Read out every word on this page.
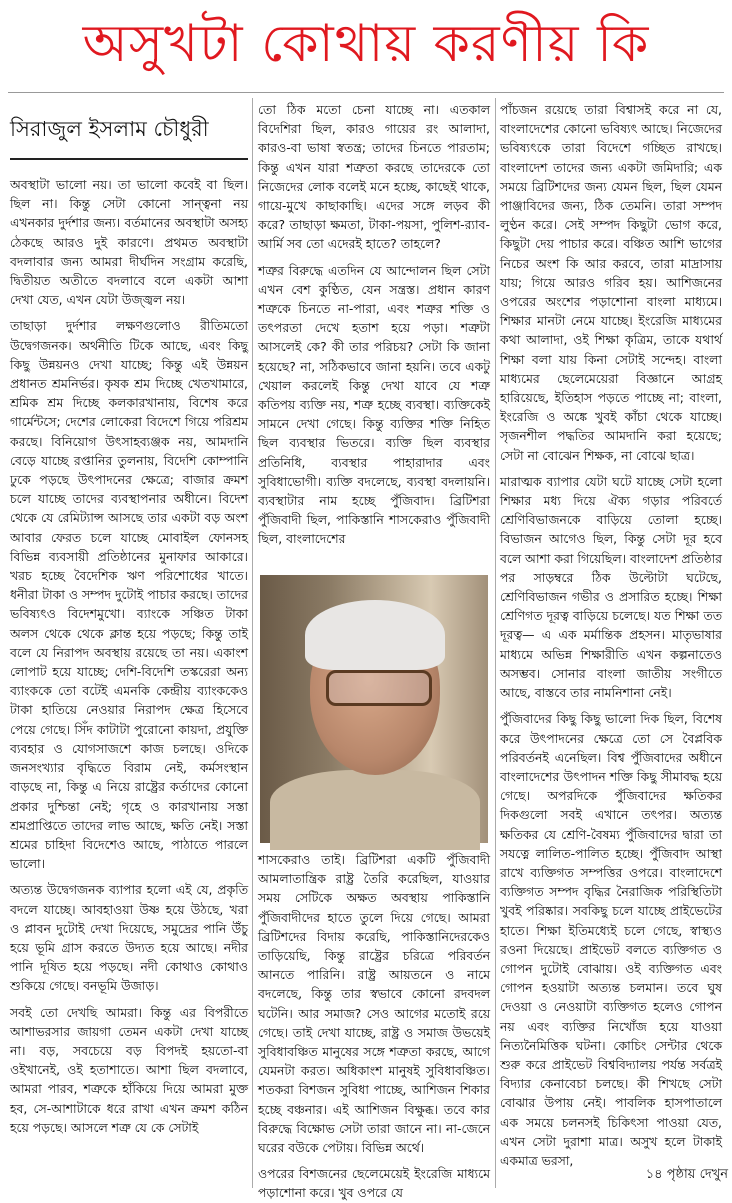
অসুখটা কোথায় করণীয় কি
সিরাজুল ইসলাম চৌধুরী

অবস্থাটা ভালো নয়। তা ভালো কবেই বা ছিল। ছিল না। কিন্তু সেটা কোনো সান্ত্বনা নয় এখনকার দুর্দশার জন্য। বর্তমানের অবস্থাটা অসহ্য ঠেকছে আরও দুই কারণে। প্রথমত অবস্থাটা বদলাবার জন্য আমরা দীর্ঘদিন সংগ্রাম করেছি, দ্বিতীয়ত অতীতে বদলাবে বলে একটা আশা দেখা যেত, এখন যেটা উজ্জ্বল নয়।

তাছাড়া দুর্দশার লক্ষণগুলোও রীতিমতো উদ্বেগজনক। অর্থনীতি টিকে আছে, এবং কিছু কিছু উন্নয়নও দেখা যাচ্ছে; কিন্তু এই উন্নয়ন প্রধানত শ্রমনির্ভর। কৃষক শ্রম দিচ্ছে খেতখামারে, শ্রমিক শ্রম দিচ্ছে কলকারখানায়, বিশেষ করে গার্মেন্টসে; দেশের লোকেরা বিদেশে গিয়ে পরিশ্রম করছে। বিনিয়োগ উৎসাহব্যঞ্জক নয়, আমদানি বেড়ে যাচ্ছে রপ্তানির তুলনায়, বিদেশি কোম্পানি ঢুকে পড়ছে উৎপাদনের ক্ষেত্রে; বাজার ক্রমশ চলে যাচ্ছে তাদের ব্যবস্থাপনার অধীনে। বিদেশ থেকে যে রেমিট্যান্স আসছে তার একটা বড় অংশ আবার ফেরত চলে যাচ্ছে মোবাইল ফোনসহ বিভিন্ন ব্যবসায়ী প্রতিষ্ঠানের মুনাফার আকারে। খরচ হচ্ছে বৈদেশিক ঋণ পরিশোধের খাতে। ধনীরা টাকা ও সম্পদ দুটোই পাচার করছে। তাদের ভবিষ্যৎও বিদেশমুখো। ব্যাংকে সঞ্চিত টাকা অলস থেকে থেকে ক্লান্ত হয়ে পড়ছে; কিন্তু তাই বলে যে নিরাপদ অবস্থায় রয়েছে তা নয়। একাংশ লোপাট হয়ে যাচ্ছে; দেশি-বিদেশি তস্করেরা অন্য ব্যাংককে তো বটেই এমনকি কেন্দ্রীয় ব্যাংককেও টাকা হাতিয়ে নেওয়ার নিরাপদ ক্ষেত্র হিসেবে পেয়ে গেছে। সিঁদ কাটাটা পুরোনো কায়দা, প্রযুক্তি ব্যবহার ও যোগসাজশে কাজ চলছে। ওদিকে জনসংখ্যার বৃদ্ধিতে বিরাম নেই, কর্মসংস্থান বাড়ছে না, কিন্তু এ নিয়ে রাষ্ট্রের কর্তাদের কোনো প্রকার দুশ্চিন্তা নেই; গৃহে ও কারখানায় সস্তা শ্রমপ্রাপ্তিতে তাদের লাভ আছে, ক্ষতি নেই। সস্তা শ্রমের চাহিদা বিদেশেও আছে, পাঠাতে পারলে ভালো।

অত্যন্ত উদ্বেগজনক ব্যাপার হলো এই যে, প্রকৃতি বদলে যাচ্ছে। আবহাওয়া উষ্ণ হয়ে উঠছে, খরা ও প্লাবন দুটোই দেখা দিয়েছে, সমুদ্রের পানি উঁচু হয়ে ভূমি গ্রাস করতে উদ্যত হয়ে আছে। নদীর পানি দূষিত হয়ে পড়ছে। নদী কোথাও কোথাও শুকিয়ে গেছে। বনভূমি উজাড়।

সবই তো দেখছি আমরা। কিন্তু এর বিপরীতে আশাভরসার জায়গা তেমন একটা দেখা যাচ্ছে না। বড়, সবচেয়ে বড় বিপদই হয়তো-বা ওইখানেই, ওই হতাশাতে। আশা ছিল বদলাবে, আমরা পারব, শত্রুকে হাঁকিয়ে দিয়ে আমরা মুক্ত হব, সে-আশাটাকে ধরে রাখা এখন ক্রমশ কঠিন হয়ে পড়ছে। আসলে শত্রু যে কে সেটাই

তো ঠিক মতো চেনা যাচ্ছে না। এতকাল বিদেশিরা ছিল, কারও গায়ের রং আলাদা, কারও-বা ভাষা স্বতন্ত্র; তাদের চিনতে পারতাম; কিন্তু এখন যারা শত্রুতা করছে তাদেরকে তো নিজেদের লোক বলেই মনে হচ্ছে, কাছেই থাকে, গায়ে-মুখে কাছাকাছি। এদের সঙ্গে লড়ব কী করে? তাছাড়া ক্ষমতা, টাকা-পয়সা, পুলিশ-র‍্যাব-আর্মি সব তো এদেরই হাতে? তাহলে?

শত্রুর বিরুদ্ধে এতদিন যে আন্দোলন ছিল সেটা এখন বেশ কুণ্ঠিত, যেন সন্ত্রস্ত। প্রধান কারণ শত্রুকে চিনতে না-পারা, এবং শত্রুর শক্তি ও তৎপরতা দেখে হতাশ হয়ে পড়া। শত্রুটা আসলেই কে? কী তার পরিচয়? সেটা কি জানা হয়েছে? না, সঠিকভাবে জানা হয়নি। তবে একটু খেয়াল করলেই কিন্তু দেখা যাবে যে শত্রু কতিপয় ব্যক্তি নয়, শত্রু হচ্ছে ব্যবস্থা। ব্যক্তিকেই সামনে দেখা গেছে। কিন্তু ব্যক্তির শক্তি নিহিত ছিল ব্যবস্থার ভিতরে। ব্যক্তি ছিল ব্যবস্থার প্রতিনিধি, ব্যবস্থার পাহারাদার এবং সুবিধাভোগী। ব্যক্তি বদলেছে, ব্যবস্থা বদলায়নি। ব্যবস্থাটার নাম হচ্ছে পুঁজিবাদ। ব্রিটিশরা পুঁজিবাদী ছিল, পাকিস্তানি শাসকেরাও পুঁজিবাদী ছিল, বাংলাদেশের

শাসকেরাও তাই। ব্রিটিশরা একটি পুঁজিবাদী আমলাতান্ত্রিক রাষ্ট্র তৈরি করেছিল, যাওয়ার সময় সেটিকে অক্ষত অবস্থায় পাকিস্তানি পুঁজিবাদীদের হাতে তুলে দিয়ে গেছে। আমরা ব্রিটিশদের বিদায় করেছি, পাকিস্তানিদেরকেও তাড়িয়েছি, কিন্তু রাষ্ট্রের চরিত্রে পরিবর্তন আনতে পারিনি। রাষ্ট্র আয়তনে ও নামে বদলেছে, কিন্তু তার স্বভাবে কোনো রদবদল ঘটেনি। আর সমাজ? সেও আগের মতোই রয়ে গেছে। তাই দেখা যাচ্ছে, রাষ্ট্র ও সমাজ উভয়েই সুবিধাবঞ্চিত মানুষের সঙ্গে শত্রুতা করছে, আগে যেমনটা করত। অধিকাংশ মানুষই সুবিধাবঞ্চিত। শতকরা বিশজন সুবিধা পাচ্ছে, আশিজন শিকার হচ্ছে বঞ্চনার। এই আশিজন বিক্ষুব্ধ। তবে কার বিরুদ্ধে বিক্ষোভ সেটা তারা জানে না। না-জেনে ঘরের বউকে পেটায়। বিভিন্ন অর্থে।

ওপরের বিশজনের ছেলেমেয়েই ইংরেজি মাধ্যমে পড়াশোনা করে। খুব ওপরে যে

পাঁচজন রয়েছে তারা বিশ্বাসই করে না যে, বাংলাদেশের কোনো ভবিষ্যৎ আছে। নিজেদের ভবিষ্যৎকে তারা বিদেশে গচ্ছিত রাখছে। বাংলাদেশ তাদের জন্য একটা জমিদারি; এক সময়ে ব্রিটিশদের জন্য যেমন ছিল, ছিল যেমন পাঞ্জাবিদের জন্য, ঠিক তেমনি। তারা সম্পদ লুণ্ঠন করে। সেই সম্পদ কিছুটা ভোগ করে, কিছুটা দেয় পাচার করে। বঞ্চিত আশি ভাগের নিচের অংশ কি আর করবে, তারা মাদ্রাসায় যায়; গিয়ে আরও গরিব হয়। আশিজনের ওপরের অংশের পড়াশোনা বাংলা মাধ্যমে। শিক্ষার মানটা নেমে যাচ্ছে। ইংরেজি মাধ্যমের কথা আলাদা, ওই শিক্ষা কৃত্রিম, তাকে যথার্থ শিক্ষা বলা যায় কিনা সেটাই সন্দেহ। বাংলা মাধ্যমের ছেলেমেয়েরা বিজ্ঞানে আগ্রহ হারিয়েছে, ইতিহাস পড়তে পাচ্ছে না; বাংলা, ইংরেজি ও অঙ্কে খুবই কাঁচা থেকে যাচ্ছে। সৃজনশীল পদ্ধতির আমদানি করা হয়েছে; সেটা না বোঝেন শিক্ষক, না বোঝে ছাত্র।

মারাত্মক ব্যাপার যেটা ঘটে যাচ্ছে সেটা হলো শিক্ষার মধ্য দিয়ে ঐক্য গড়ার পরিবর্তে শ্রেণিবিভাজনকে বাড়িয়ে তোলা হচ্ছে। বিভাজন আগেও ছিল, কিন্তু সেটা দূর হবে বলে আশা করা গিয়েছিল। বাংলাদেশ প্রতিষ্ঠার পর সাড়ম্বরে ঠিক উল্টোটা ঘটেছে, শ্রেণিবিভাজন গভীর ও প্রসারিত হচ্ছে। শিক্ষা শ্রেণিগত দূরত্ব বাড়িয়ে চলেছে। যত শিক্ষা তত দূরত্ব— এ এক মর্মান্তিক প্রহসন। মাতৃভাষার মাধ্যমে অভিন্ন শিক্ষারীতি এখন কল্পনাতেও অসম্ভব। সোনার বাংলা জাতীয় সংগীতে আছে, বাস্তবে তার নামনিশানা নেই।

পুঁজিবাদের কিছু কিছু ভালো দিক ছিল, বিশেষ করে উৎপাদনের ক্ষেত্রে তো সে বৈপ্লবিক পরিবর্তনই এনেছিল। বিশ্ব পুঁজিবাদের অধীনে বাংলাদেশের উৎপাদন শক্তি কিছু সীমাবদ্ধ হয়ে গেছে। অপরদিকে পুঁজিবাদের ক্ষতিকর দিকগুলো সবই এখানে তৎপর। অত্যন্ত ক্ষতিকর যে শ্রেণি-বৈষম্য পুঁজিবাদের দ্বারা তা সযত্নে লালিত-পালিত হচ্ছে। পুঁজিবাদ আস্থা রাখে ব্যক্তিগত সম্পত্তির ওপরে। বাংলাদেশে ব্যক্তিগত সম্পদ বৃদ্ধির নৈরাজিক পরিস্থিতিটা খুবই পরিষ্কার। সবকিছু চলে যাচ্ছে প্রাইভেটের হাতে। শিক্ষা ইতিমধ্যেই চলে গেছে, স্বাস্থ্যও রওনা দিয়েছে। প্রাইভেট বলতে ব্যক্তিগত ও গোপন দুটোই বোঝায়। ওই ব্যক্তিগত এবং গোপন হওয়াটা অত্যন্ত চলমান। তবে ঘুষ দেওয়া ও নেওয়াটা ব্যক্তিগত হলেও গোপন নয় এবং ব্যক্তির নিখোঁজ হয়ে যাওয়া নিত্যনৈমিত্তিক ঘটনা। কোচিং সেন্টার থেকে শুরু করে প্রাইভেট বিশ্ববিদ্যালয় পর্যন্ত সর্বত্রই বিদ্যার কেনাবেচা চলছে। কী শিখছে সেটা বোঝার উপায় নেই। পাবলিক হাসপাতালে এক সময়ে চলনসই চিকিৎসা পাওয়া যেত, এখন সেটা দুরাশা মাত্র। অসুখ হলে টাকাই একমাত্র ভরসা,

১৪ পৃষ্ঠায় দেখুন
